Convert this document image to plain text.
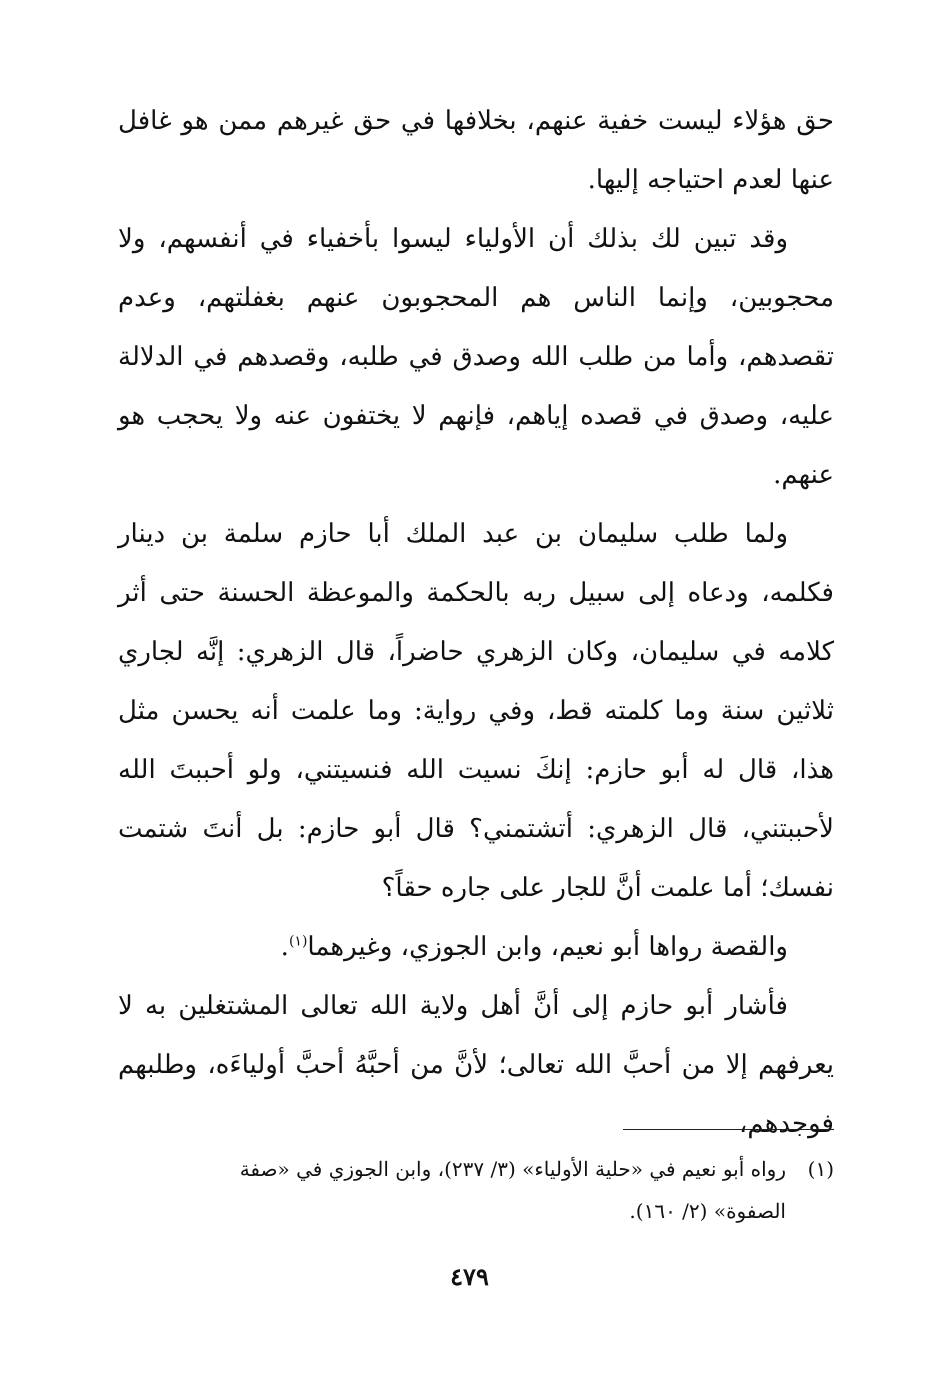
حق هؤلاء ليست خفية عنهم، بخلافها في حق غيرهم ممن هو غافل عنها لعدم احتياجه إليها.

وقد تبين لك بذلك أن الأولياء ليسوا بأخفياء في أنفسهم، ولا محجوبين، وإنما الناس هم المحجوبون عنهم بغفلتهم، وعدم تقصدهم، وأما من طلب الله وصدق في طلبه، وقصدهم في الدلالة عليه، وصدق في قصده إياهم، فإنهم لا يختفون عنه ولا يحجب هو عنهم.

ولما طلب سليمان بن عبد الملك أبا حازم سلمة بن دينار فكلمه، ودعاه إلى سبيل ربه بالحكمة والموعظة الحسنة حتى أثر كلامه في سليمان، وكان الزهري حاضراً، قال الزهري: إنَّه لجاري ثلاثين سنة وما كلمته قط، وفي رواية: وما علمت أنه يحسن مثل هذا، قال له أبو حازم: إنكَ نسيت الله فنسيتني، ولو أحببتَ الله لأحببتني، قال الزهري: أتشتمني؟ قال أبو حازم: بل أنتَ شتمت نفسك؛ أما علمت أنَّ للجار على جاره حقاً؟

والقصة رواها أبو نعيم، وابن الجوزي، وغيرهما$^{(١)}$.

فأشار أبو حازم إلى أنَّ أهل ولاية الله تعالى المشتغلين به لا يعرفهم إلا من أحبَّ الله تعالى؛ لأنَّ من أحبَّهُ أحبَّ أولياءَه، وطلبهم فوجدهم،

(١)رواه أبو نعيم في «حلية الأولياء» (٣/ ٢٣٧)، وابن الجوزي في «صفة
الصفوة» (٢/ ١٦٠).
٤٧٩
